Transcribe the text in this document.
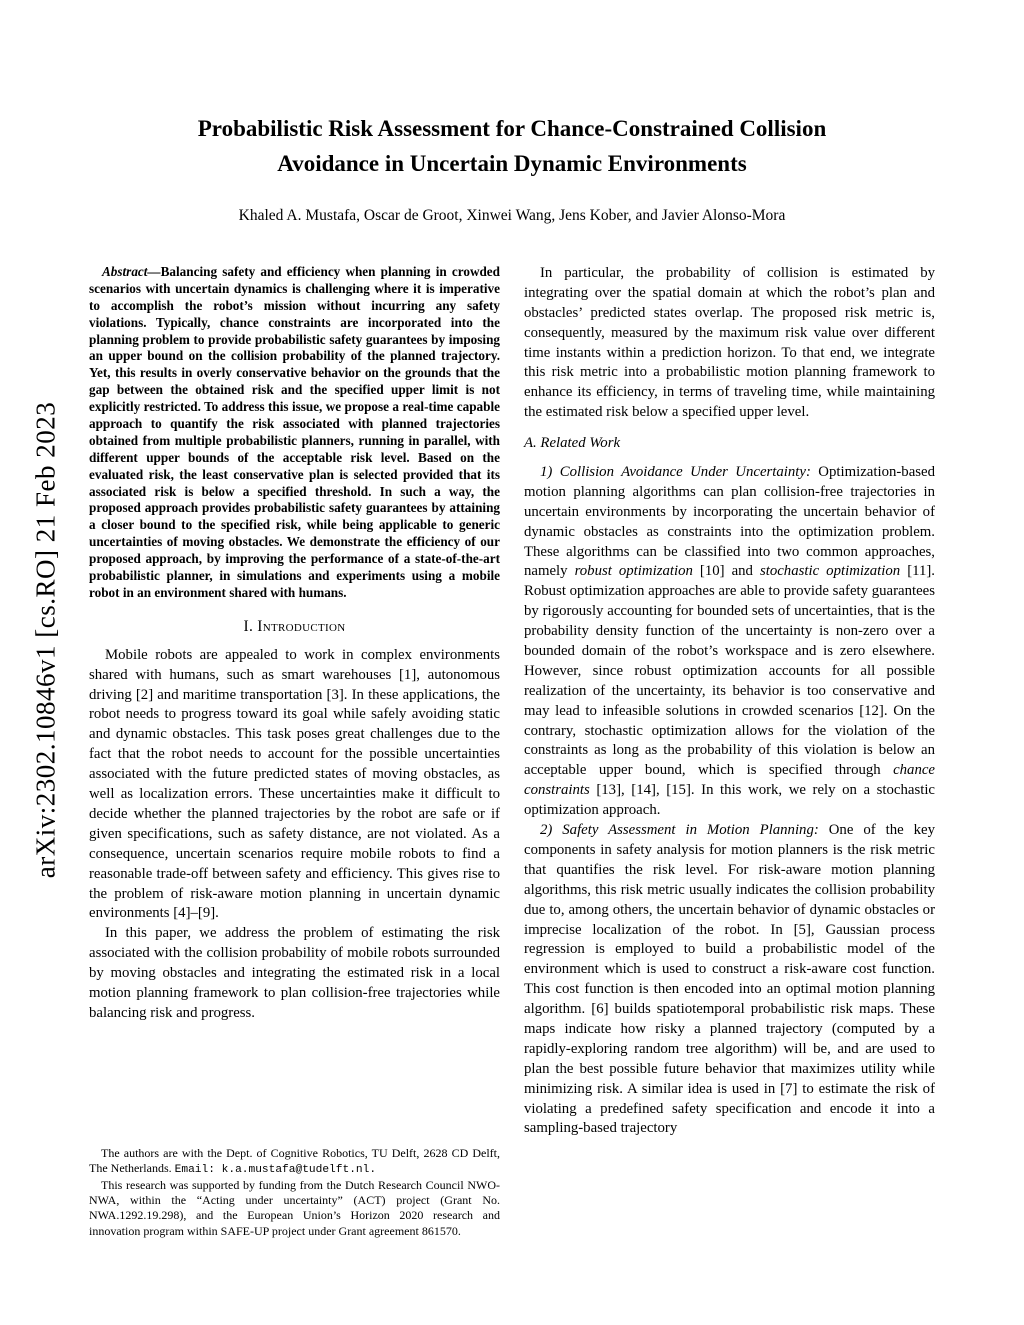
arXiv:2302.10846v1 [cs.RO] 21 Feb 2023
Probabilistic Risk Assessment for Chance-Constrained Collision
Avoidance in Uncertain Dynamic Environments
Khaled A. Mustafa, Oscar de Groot, Xinwei Wang, Jens Kober, and Javier Alonso-Mora

Abstract—Balancing safety and efficiency when planning in crowded scenarios with uncertain dynamics is challenging where it is imperative to accomplish the robot’s mission without incurring any safety violations. Typically, chance constraints are incorporated into the planning problem to provide probabilistic safety guarantees by imposing an upper bound on the collision probability of the planned trajectory. Yet, this results in overly conservative behavior on the grounds that the gap between the obtained risk and the specified upper limit is not explicitly restricted. To address this issue, we propose a real-time capable approach to quantify the risk associated with planned trajectories obtained from multiple probabilistic planners, running in parallel, with different upper bounds of the acceptable risk level. Based on the evaluated risk, the least conservative plan is selected provided that its associated risk is below a specified threshold. In such a way, the proposed approach provides probabilistic safety guarantees by attaining a closer bound to the specified risk, while being applicable to generic uncertainties of moving obstacles. We demonstrate the efficiency of our proposed approach, by improving the performance of a state-of-the-art probabilistic planner, in simulations and experiments using a mobile robot in an environment shared with humans.

I. Introduction

Mobile robots are appealed to work in complex environments shared with humans, such as smart warehouses [1], autonomous driving [2] and maritime transportation [3]. In these applications, the robot needs to progress toward its goal while safely avoiding static and dynamic obstacles. This task poses great challenges due to the fact that the robot needs to account for the possible uncertainties associated with the future predicted states of moving obstacles, as well as localization errors. These uncertainties make it difficult to decide whether the planned trajectories by the robot are safe or if given specifications, such as safety distance, are not violated. As a consequence, uncertain scenarios require mobile robots to find a reasonable trade-off between safety and efficiency. This gives rise to the problem of risk-aware motion planning in uncertain dynamic environments [4]–[9].

In this paper, we address the problem of estimating the risk associated with the collision probability of mobile robots surrounded by moving obstacles and integrating the estimated risk in a local motion planning framework to plan collision-free trajectories while balancing risk and progress.

The authors are with the Dept. of Cognitive Robotics, TU Delft, 2628 CD Delft, The Netherlands. Email: k.a.mustafa@tudelft.nl.

This research was supported by funding from the Dutch Research Council NWO-NWA, within the “Acting under uncertainty” (ACT) project (Grant No. NWA.1292.19.298), and the European Union’s Horizon 2020 research and innovation program within SAFE-UP project under Grant agreement 861570.

In particular, the probability of collision is estimated by integrating over the spatial domain at which the robot’s plan and obstacles’ predicted states overlap. The proposed risk metric is, consequently, measured by the maximum risk value over different time instants within a prediction horizon. To that end, we integrate this risk metric into a probabilistic motion planning framework to enhance its efficiency, in terms of traveling time, while maintaining the estimated risk below a specified upper level.

A. Related Work

1) Collision Avoidance Under Uncertainty: Optimization-based motion planning algorithms can plan collision-free trajectories in uncertain environments by incorporating the uncertain behavior of dynamic obstacles as constraints into the optimization problem. These algorithms can be classified into two common approaches, namely robust optimization [10] and stochastic optimization [11]. Robust optimization approaches are able to provide safety guarantees by rigorously accounting for bounded sets of uncertainties, that is the probability density function of the uncertainty is non-zero over a bounded domain of the robot’s workspace and is zero elsewhere. However, since robust optimization accounts for all possible realization of the uncertainty, its behavior is too conservative and may lead to infeasible solutions in crowded scenarios [12]. On the contrary, stochastic optimization allows for the violation of the constraints as long as the probability of this violation is below an acceptable upper bound, which is specified through chance constraints [13], [14], [15]. In this work, we rely on a stochastic optimization approach.

2) Safety Assessment in Motion Planning: One of the key components in safety analysis for motion planners is the risk metric that quantifies the risk level. For risk-aware motion planning algorithms, this risk metric usually indicates the collision probability due to, among others, the uncertain behavior of dynamic obstacles or imprecise localization of the robot. In [5], Gaussian process regression is employed to build a probabilistic model of the environment which is used to construct a risk-aware cost function. This cost function is then encoded into an optimal motion planning algorithm. [6] builds spatiotemporal probabilistic risk maps. These maps indicate how risky a planned trajectory (computed by a rapidly-exploring random tree algorithm) will be, and are used to plan the best possible future behavior that maximizes utility while minimizing risk. A similar idea is used in [7] to estimate the risk of violating a predefined safety specification and encode it into a sampling-based trajectory
